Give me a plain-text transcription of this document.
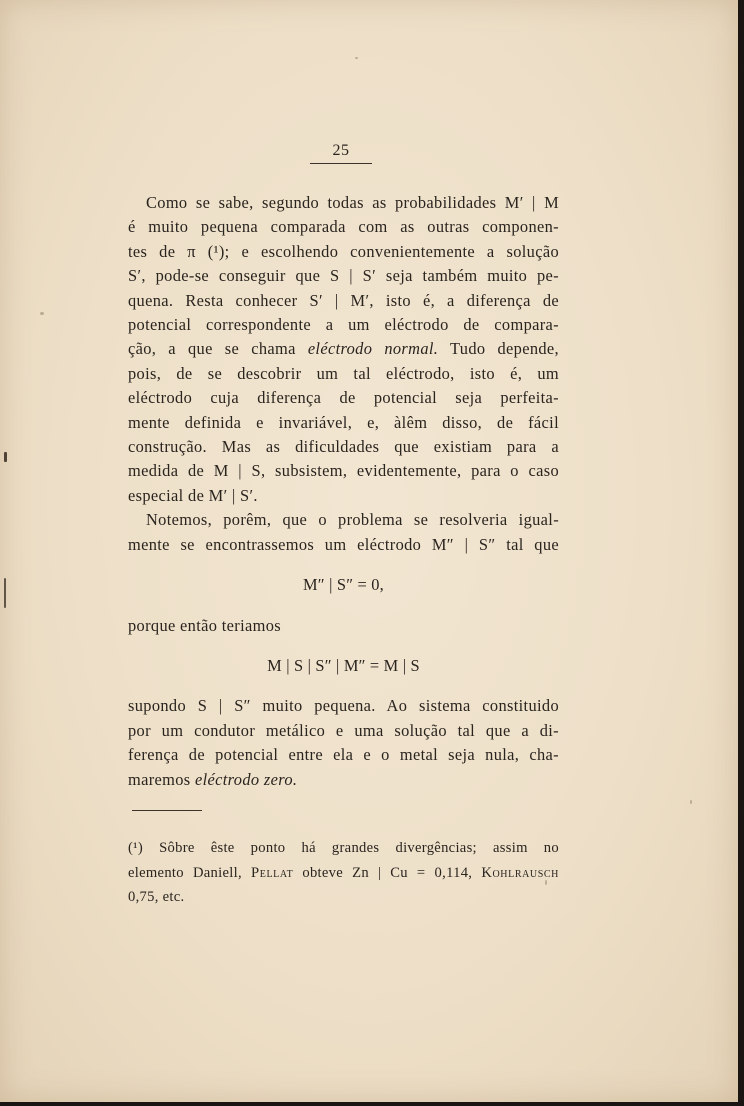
25
Como se sabe, segundo todas as probabilidades M′ | M
é muito pequena comparada com as outras componen-
tes de π (¹); e escolhendo convenientemente a solução
S′, pode-se conseguir que S | S′ seja também muito pe-
quena. Resta conhecer S′ | M′, isto é, a diferença de
potencial correspondente a um eléctrodo de compara-
ção, a que se chama eléctrodo normal. Tudo depende,
pois, de se descobrir um tal eléctrodo, isto é, um
eléctrodo cuja diferença de potencial seja perfeita-
mente definida e invariável, e, àlêm disso, de fácil
construção. Mas as dificuldades que existiam para a
medida de M | S, subsistem, evidentemente, para o caso
especial de M′ | S′.
Notemos, porêm, que o problema se resolveria igual-
mente se encontrassemos um eléctrodo M″ | S″ tal que
M″ | S″ = 0,
porque então teriamos
M | S | S″ | M″ = M | S
supondo S | S″ muito pequena. Ao sistema constituido
por um condutor metálico e uma solução tal que a di-
ferença de potencial entre ela e o metal seja nula, cha-
maremos eléctrodo zero.
(¹) Sôbre êste ponto há grandes divergências; assim no
elemento Daniell, Pellat obteve Zn | Cu = 0,114, Kohlrausch
0,75, etc.
